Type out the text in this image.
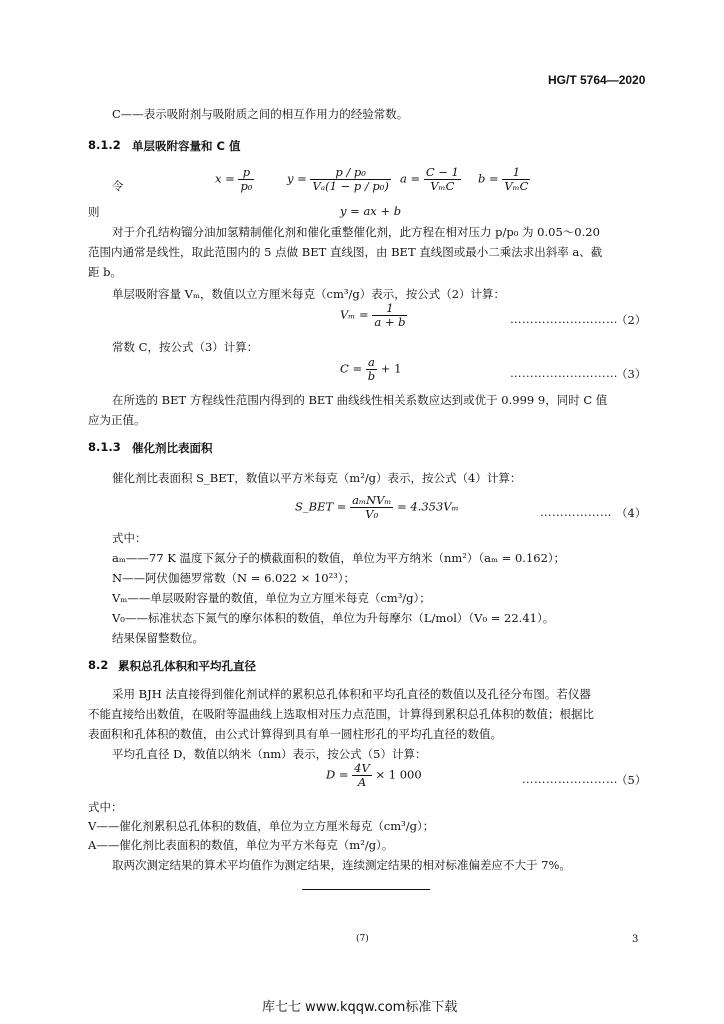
HG/T 5764—2020
C——表示吸附剂与吸附质之间的相互作用力的经验常数。
8.1.2 单层吸附容量和 C 值
令
$x = \frac{p}{\text{p₀}}$	$y = \frac{\text{p / p₀}}{\text{Vₐ(1 − p / p₀)}}$ $a = \frac{C - 1}{\text{VₘC}}$ $b = \frac{1}{\text{VₘC}}$
则	y = ax + b
对于介孔结构镏分油加氢精制催化剂和催化重整催化剂，此方程在相对压力 p/p₀ 为 0.05～0.20
范围内通常是线性，取此范围内的 5 点做 BET 直线图，由 BET 直线图或最小二乘法求出斜率 a、截
距 b。
单层吸附容量 Vₘ，数值以立方厘米每克（cm³/g）表示，按公式（2）计算：
$V_m = \frac{1}{a + b}$	………………………
（2）
常数 C，按公式（3）计算：
$C = \frac{a}{b} + 1$	………………………
（3）
在所选的 BET 方程线性范围内得到的 BET 曲线线性相关系数应达到或优于 0.999 9，同时 C 值
应为正值。
8.1.3 催化剂比表面积
催化剂比表面积 S_BET，数值以平方米每克（m²/g）表示，按公式（4）计算：
S_BET = $\frac{\text{aₘNVₘ}}{\text{V₀}} = 4.353V_m$	……………… （4）
式中：
aₘ——77 K 温度下氮分子的横截面积的数值，单位为平方纳米（nm²）（aₘ = 0.162）；
N——阿伏伽德罗常数（N = 6.022 × 10²³）；
Vₘ——单层吸附容量的数值，单位为立方厘米每克（cm³/g）；
V₀——标准状态下氮气的摩尔体积的数值，单位为升每摩尔（L/mol）（V₀ = 22.41）。
结果保留整数位。
8.2 累积总孔体积和平均孔直径
采用 BJH 法直接得到催化剂试样的累积总孔体积和平均孔直径的数值以及孔径分布图。若仪器
不能直接给出数值，在吸附等温曲线上选取相对压力点范围，计算得到累积总孔体积的数值；根据比
表面积和孔体积的数值，由公式计算得到具有单一圆柱形孔的平均孔直径的数值。
平均孔直径 D，数值以纳米（nm）表示，按公式（5）计算：
$D = \frac{4V}{A} \times 1$ 000	……………………
（5）
式中：
V——催化剂累积总孔体积的数值，单位为立方厘米每克（cm³/g）；
A——催化剂比表面积的数值，单位为平方米每克（m²/g）。
取两次测定结果的算术平均值作为测定结果，连续测定结果的相对标准偏差应不大于 7%。
(7)	3
库七七 www.kqqw.com标准下载
